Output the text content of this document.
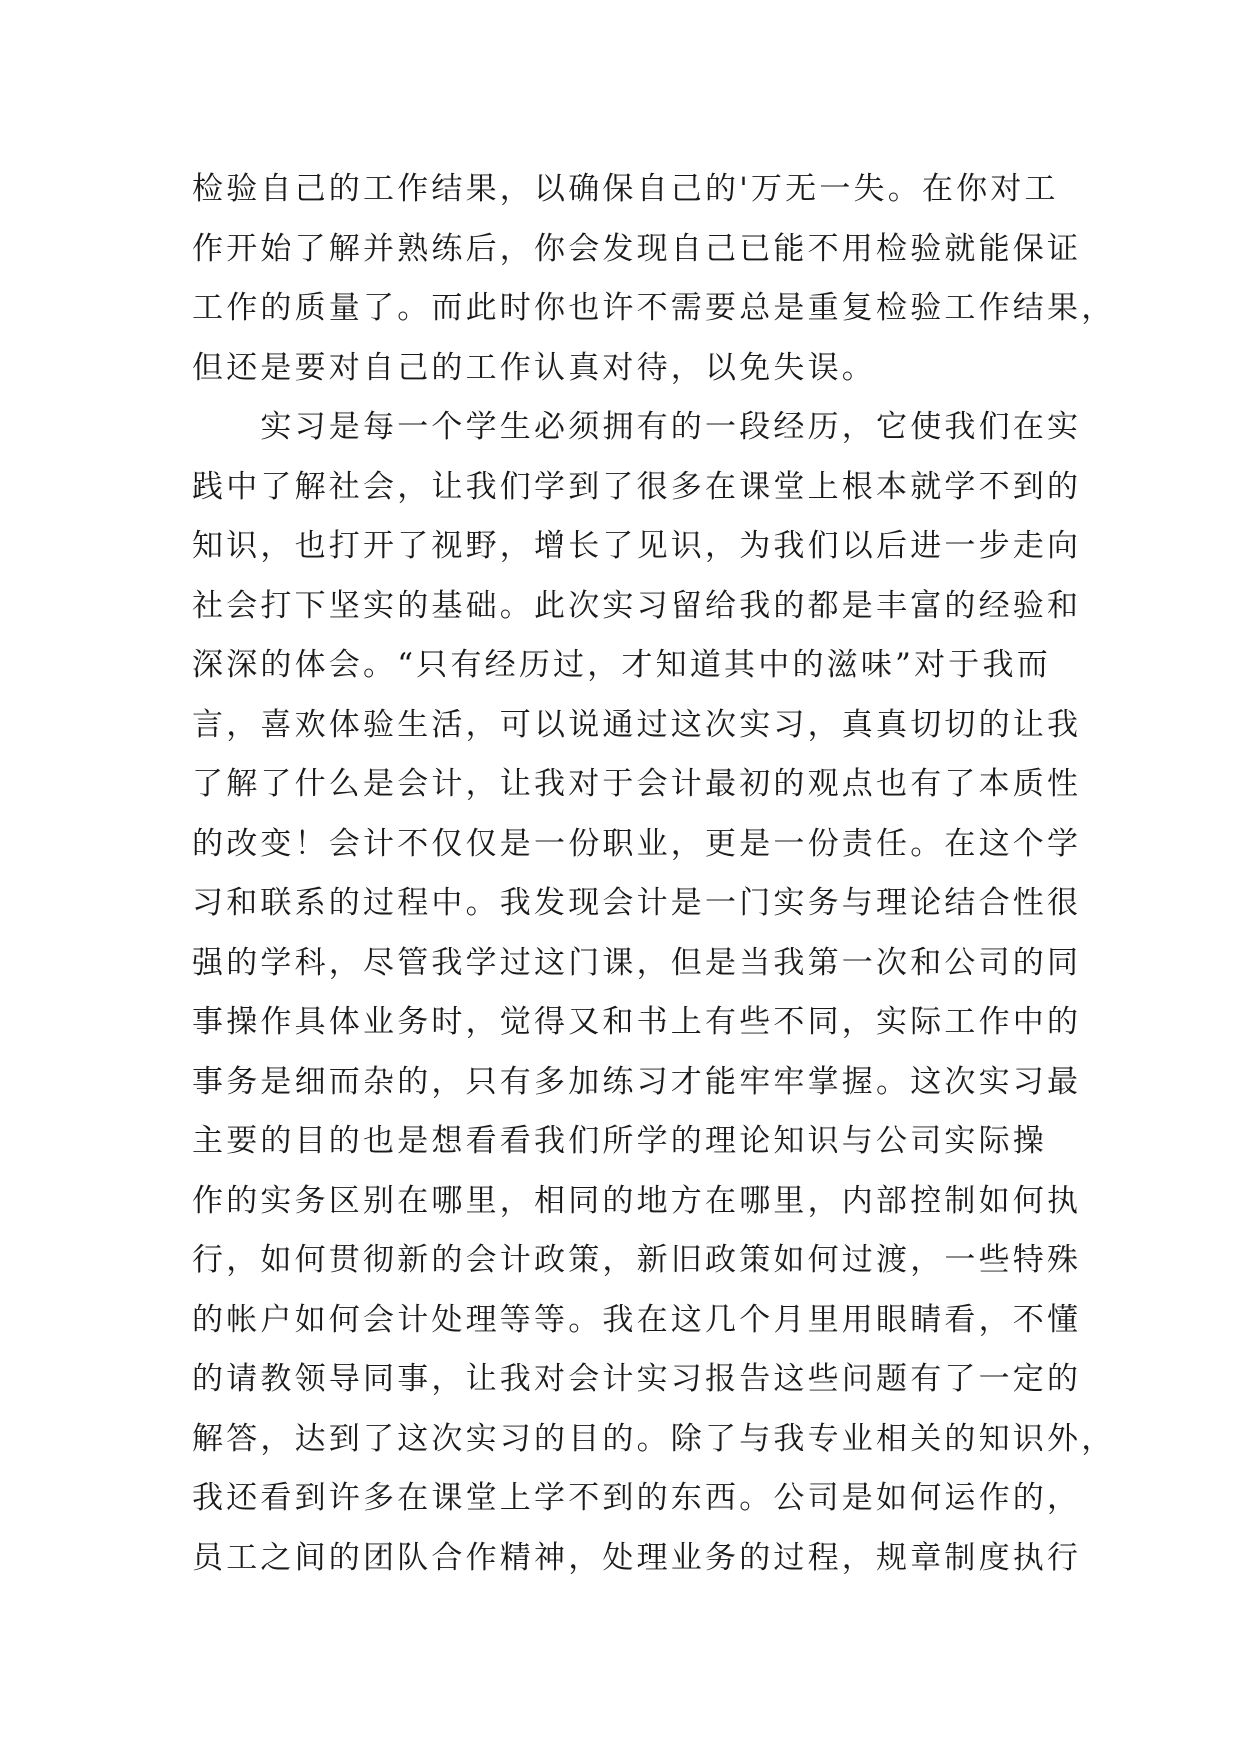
检验自己的工作结果，以确保自己的'万无一失。在你对工
作开始了解并熟练后，你会发现自己已能不用检验就能保证
工作的质量了。而此时你也许不需要总是重复检验工作结果，
但还是要对自己的工作认真对待，以免失误。
　　实习是每一个学生必须拥有的一段经历，它使我们在实
践中了解社会，让我们学到了很多在课堂上根本就学不到的
知识，也打开了视野，增长了见识，为我们以后进一步走向
社会打下坚实的基础。此次实习留给我的都是丰富的经验和
深深的体会。“只有经历过，才知道其中的滋味”对于我而
言，喜欢体验生活，可以说通过这次实习，真真切切的让我
了解了什么是会计，让我对于会计最初的观点也有了本质性
的改变！会计不仅仅是一份职业，更是一份责任。在这个学
习和联系的过程中。我发现会计是一门实务与理论结合性很
强的学科，尽管我学过这门课，但是当我第一次和公司的同
事操作具体业务时，觉得又和书上有些不同，实际工作中的
事务是细而杂的，只有多加练习才能牢牢掌握。这次实习最
主要的目的也是想看看我们所学的理论知识与公司实际操
作的实务区别在哪里，相同的地方在哪里，内部控制如何执
行，如何贯彻新的会计政策，新旧政策如何过渡，一些特殊
的帐户如何会计处理等等。我在这几个月里用眼睛看，不懂
的请教领导同事，让我对会计实习报告这些问题有了一定的
解答，达到了这次实习的目的。除了与我专业相关的知识外，
我还看到许多在课堂上学不到的东西。公司是如何运作的，
员工之间的团队合作精神，处理业务的过程，规章制度执行
